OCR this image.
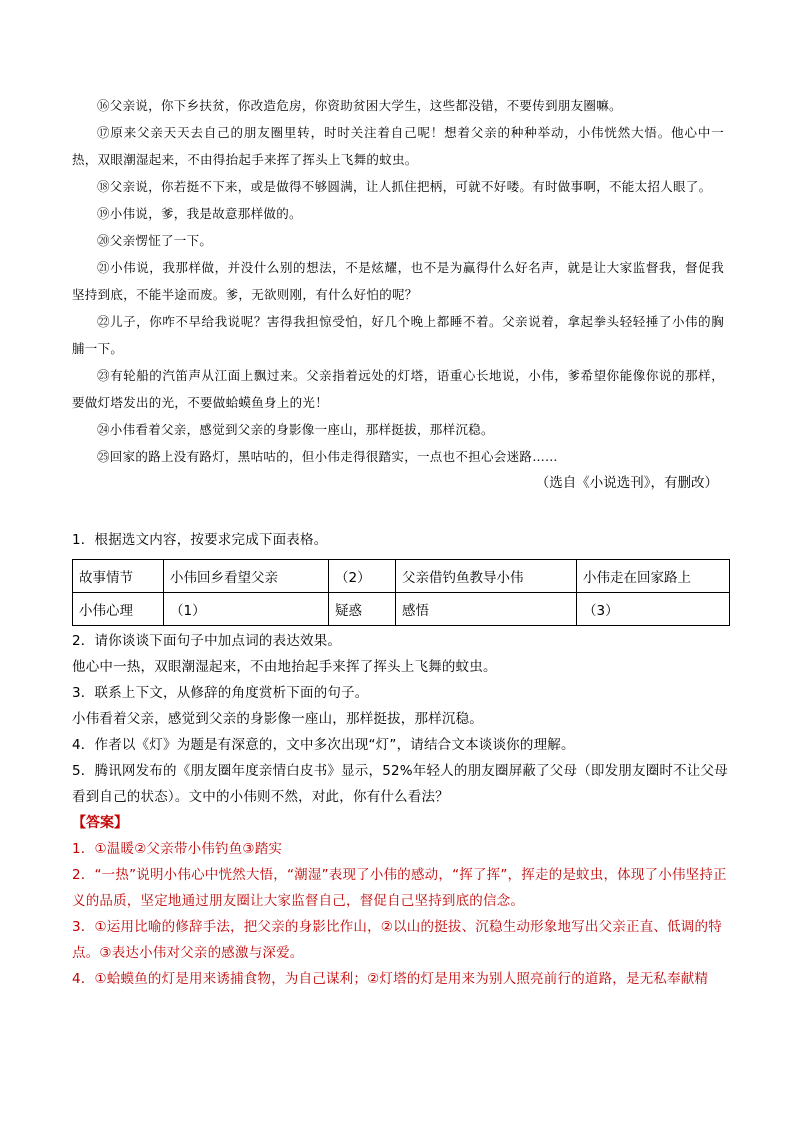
⑯父亲说，你下乡扶贫，你改造危房，你资助贫困大学生，这些都没错，不要传到朋友圈嘛。

⑰原来父亲天天去自己的朋友圈里转，时时关注着自己呢！想着父亲的种种举动，小伟恍然大悟。他心中一热，双眼潮湿起来，不由得抬起手来挥了挥头上飞舞的蚊虫。

⑱父亲说，你若挺不下来，或是做得不够圆满，让人抓住把柄，可就不好喽。有时做事啊，不能太招人眼了。

⑲小伟说，爹，我是故意那样做的。

⑳父亲愣怔了一下。

㉑小伟说，我那样做，并没什么别的想法，不是炫耀，也不是为赢得什么好名声，就是让大家监督我，督促我坚持到底，不能半途而废。爹，无欲则刚，有什么好怕的呢？

㉒儿子，你咋不早给我说呢？害得我担惊受怕，好几个晚上都睡不着。父亲说着，拿起拳头轻轻捶了小伟的胸脯一下。

㉓有轮船的汽笛声从江面上飘过来。父亲指着远处的灯塔，语重心长地说，小伟，爹希望你能像你说的那样，要做灯塔发出的光，不要做蛤蟆鱼身上的光！

㉔小伟看着父亲，感觉到父亲的身影像一座山，那样挺拔，那样沉稳。

㉕回家的路上没有路灯，黑咕咕的，但小伟走得很踏实，一点也不担心会迷路……

（选自《小说选刊》，有删改）

1．根据选文内容，按要求完成下面表格。

故事情节	小伟回乡看望父亲	（2）	父亲借钓鱼教导小伟	小伟走在回家路上
小伟心理	（1）	疑惑	感悟	（3）

2．请你谈谈下面句子中加点词的表达效果。

他心中一热，双眼潮湿起来，不由地抬起手来挥了挥头上飞舞的蚊虫。

3．联系上下文，从修辞的角度赏析下面的句子。

小伟看着父亲，感觉到父亲的身影像一座山，那样挺拔，那样沉稳。

4．作者以《灯》为题是有深意的，文中多次出现“灯”，请结合文本谈谈你的理解。

5．腾讯网发布的《朋友圈年度亲情白皮书》显示，52%年轻人的朋友圈屏蔽了父母（即发朋友圈时不让父母看到自己的状态）。文中的小伟则不然，对此，你有什么看法？

【答案】

1．①温暖②父亲带小伟钓鱼③踏实

2．“一热”说明小伟心中恍然大悟，“潮湿”表现了小伟的感动，“挥了挥”，挥走的是蚊虫，体现了小伟坚持正义的品质，坚定地通过朋友圈让大家监督自己，督促自己坚持到底的信念。

3．①运用比喻的修辞手法，把父亲的身影比作山，②以山的挺拔、沉稳生动形象地写出父亲正直、低调的特点。③表达小伟对父亲的感激与深爱。

4．①蛤蟆鱼的灯是用来诱捕食物，为自己谋利；②灯塔的灯是用来为别人照亮前行的道路，是无私奉献精
